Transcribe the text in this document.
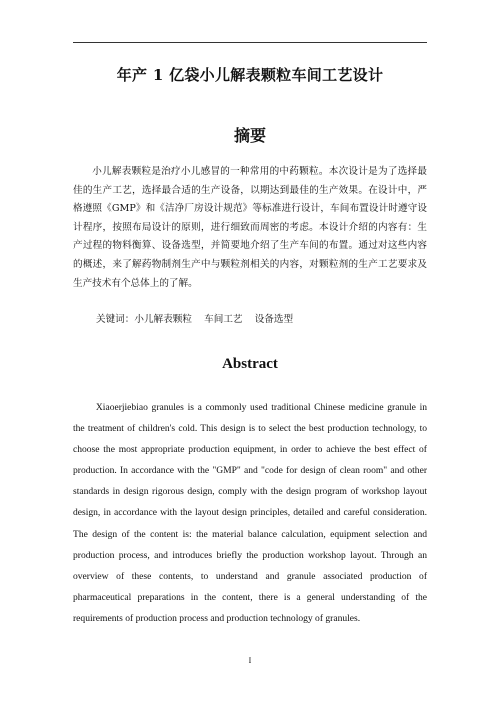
年产 1 亿袋小儿解表颗粒车间工艺设计
摘要

小儿解表颗粒是治疗小儿感冒的一种常用的中药颗粒。本次设计是为了选择最佳的生产工艺，选择最合适的生产设备，以期达到最佳的生产效果。在设计中，严格遵照《GMP》和《洁净厂房设计规范》等标准进行设计，车间布置设计时遵守设计程序，按照布局设计的原则，进行细致而周密的考虑。本设计介绍的内容有：生产过程的物料衡算、设备选型，并简要地介绍了生产车间的布置。通过对这些内容的概述，来了解药物制剂生产中与颗粒剂相关的内容，对颗粒剂的生产工艺要求及生产技术有个总体上的了解。

关键词：小儿解表颗粒    车间工艺    设备选型
Abstract

Xiaoerjiebiao granules is a commonly used traditional Chinese medicine granule in the treatment of children's cold. This design is to select the best production technology, to choose the most appropriate production equipment, in order to achieve the best effect of production. In accordance with the "GMP" and "code for design of clean room" and other standards in design rigorous design, comply with the design program of workshop layout design, in accordance with the layout design principles, detailed and careful consideration. The design of the content is: the material balance calculation, equipment selection and production process, and introduces briefly the production workshop layout. Through an overview of these contents, to understand and granule associated production of pharmaceutical preparations in the content, there is a general understanding of the requirements of production process and production technology of granules.

I
